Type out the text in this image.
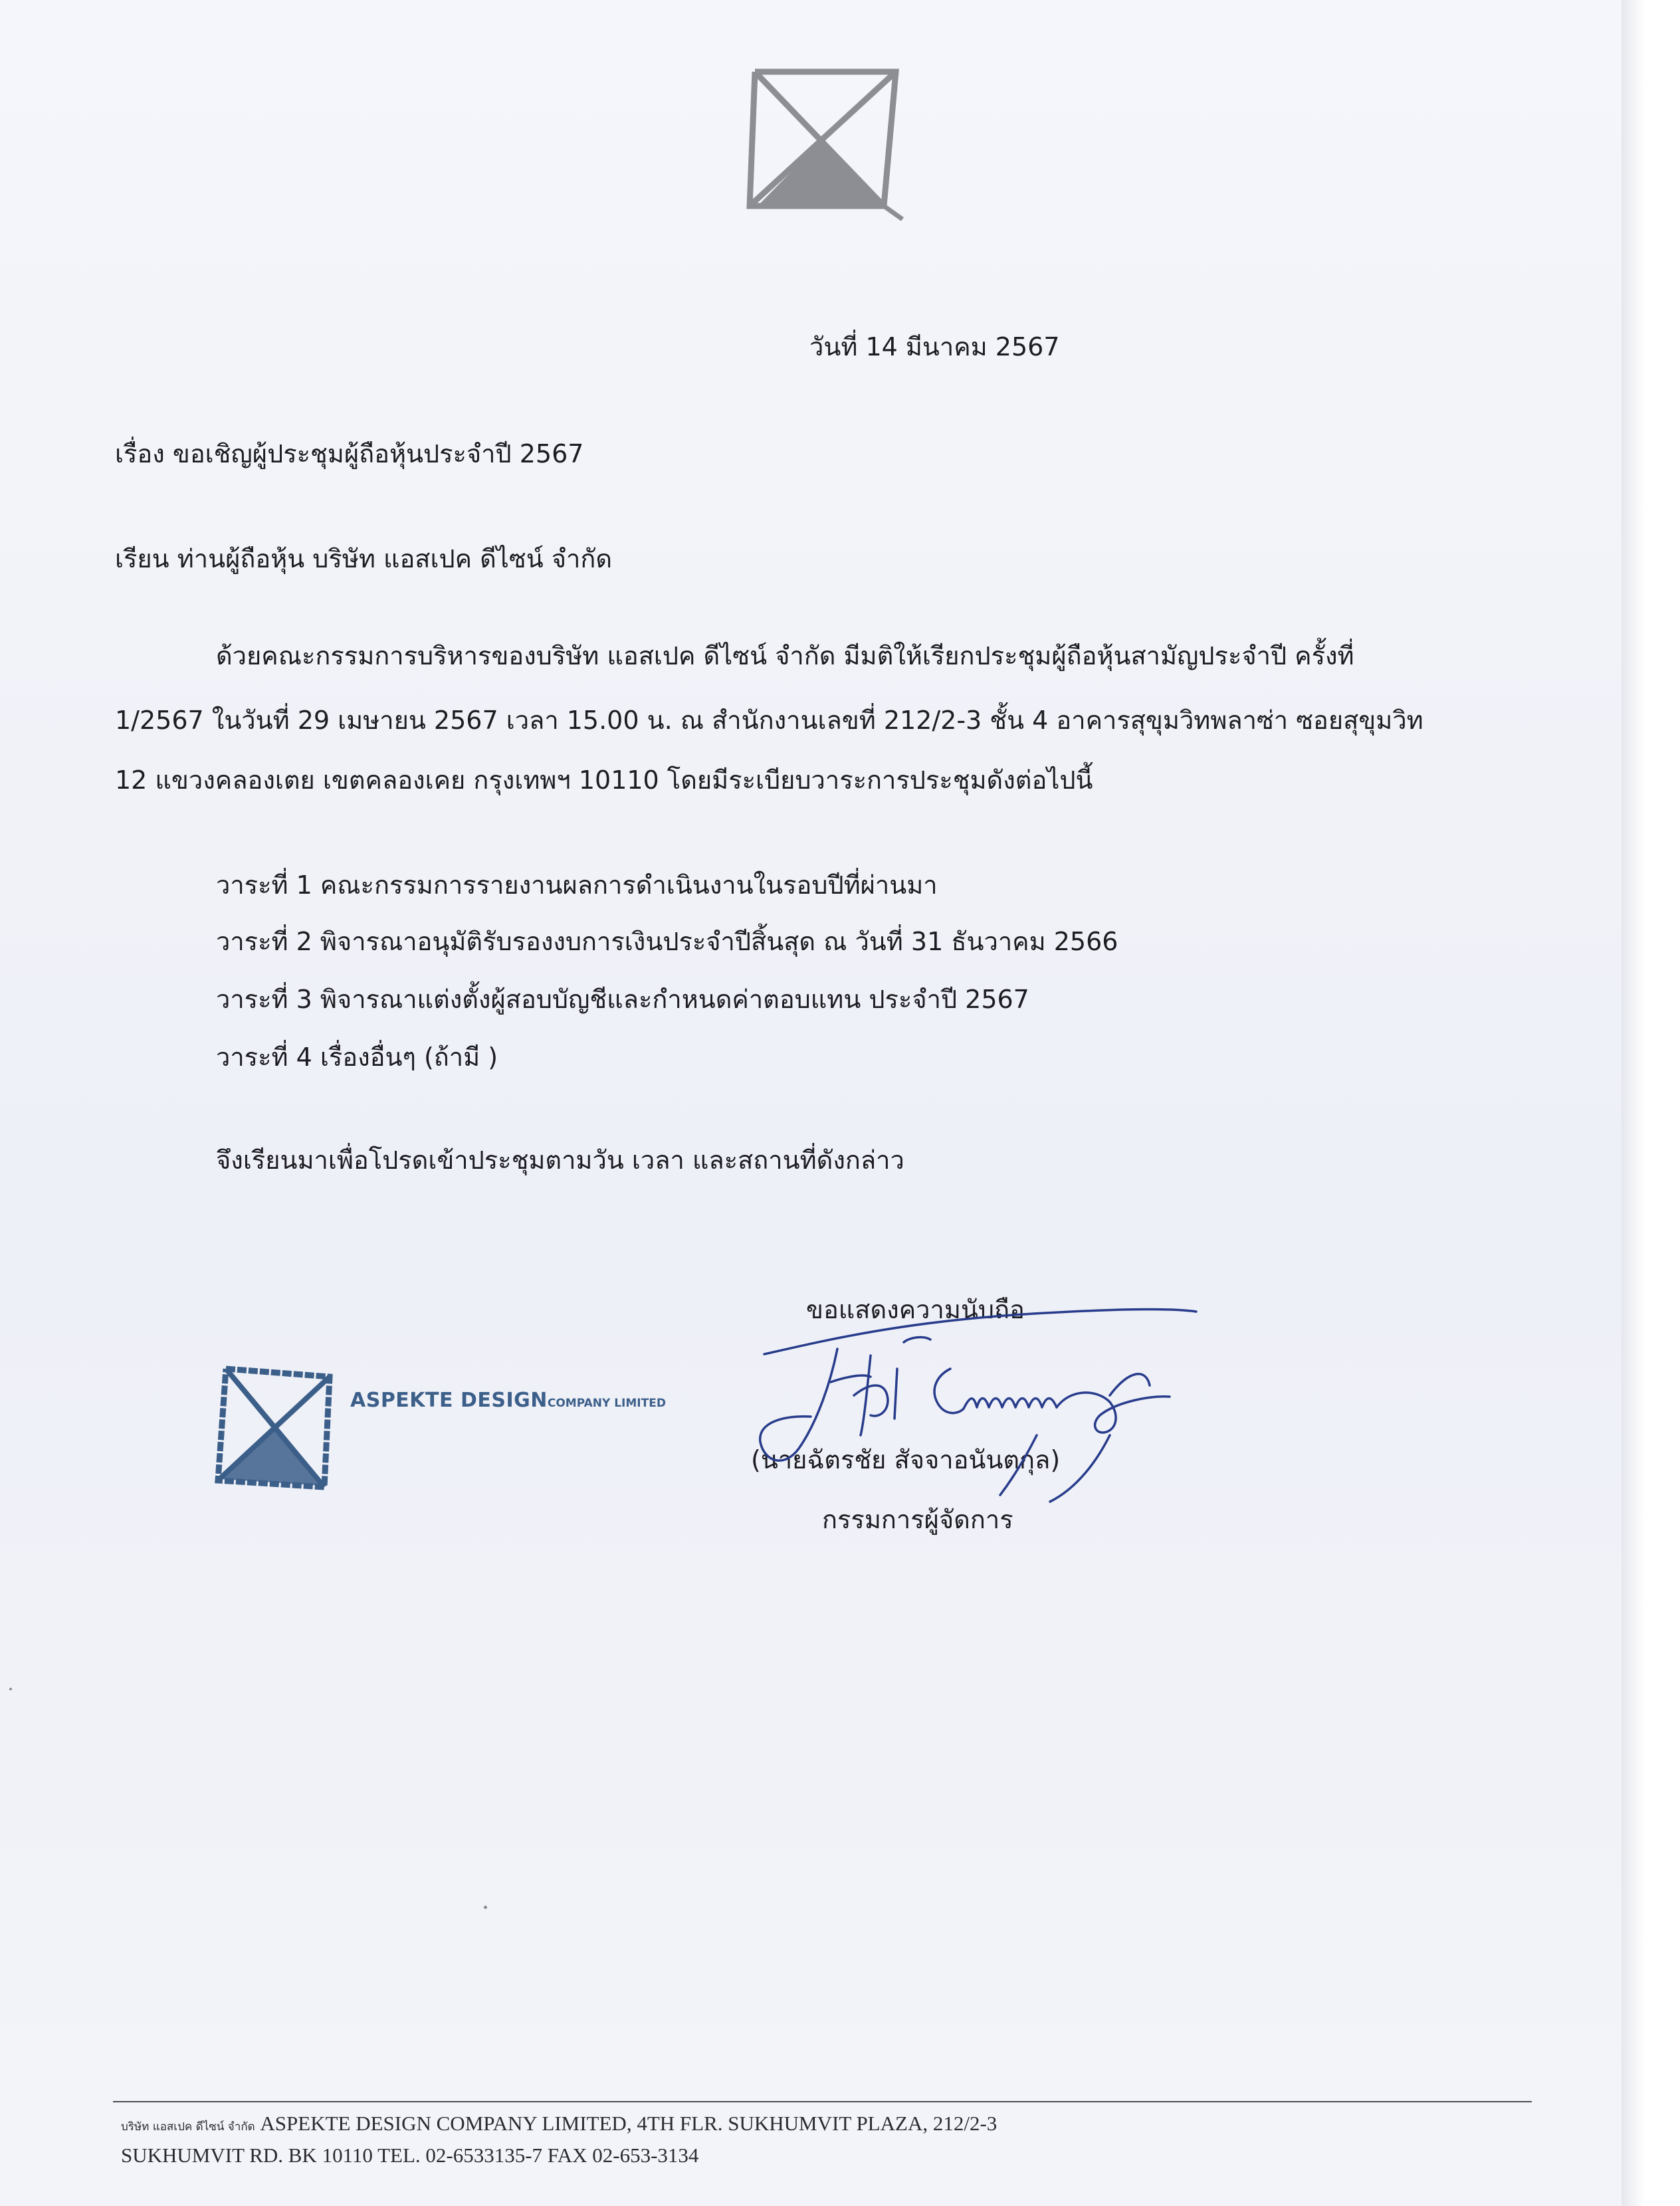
วันที่ 14 มีนาคม 2567
เรื่อง ขอเชิญผู้ประชุมผู้ถือหุ้นประจำปี 2567
เรียน ท่านผู้ถือหุ้น บริษัท แอสเปค ดีไซน์ จำกัด
ด้วยคณะกรรมการบริหารของบริษัท แอสเปค ดีไซน์ จำกัด มีมติให้เรียกประชุมผู้ถือหุ้นสามัญประจำปี ครั้งที่
1/2567 ในวันที่ 29 เมษายน 2567 เวลา 15.00 น. ณ สำนักงานเลขที่ 212/2-3 ชั้น 4 อาคารสุขุมวิทพลาซ่า ซอยสุขุมวิท
12 แขวงคลองเตย เขตคลองเคย กรุงเทพฯ 10110 โดยมีระเบียบวาระการประชุมดังต่อไปนี้
วาระที่ 1 คณะกรรมการรายงานผลการดำเนินงานในรอบปีที่ผ่านมา
วาระที่ 2 พิจารณาอนุมัติรับรองงบการเงินประจำปีสิ้นสุด ณ วันที่ 31 ธันวาคม 2566
วาระที่ 3 พิจารณาแต่งตั้งผู้สอบบัญชีและกำหนดค่าตอบแทน ประจำปี 2567
วาระที่ 4 เรื่องอื่นๆ (ถ้ามี )
จึงเรียนมาเพื่อโปรดเข้าประชุมตามวัน เวลา และสถานที่ดังกล่าว
ขอแสดงความนับถือ
(นายฉัตรชัย สัจจาอนันตกุล)
กรรมการผู้จัดการ
ASPEKTE DESIGNCOMPANY LIMITED
บริษัท แอสเปค ดีไซน์ จำกัด ASPEKTE DESIGN COMPANY LIMITED, 4TH FLR. SUKHUMVIT PLAZA, 212/2-3
SUKHUMVIT RD. BK 10110 TEL. 02-6533135-7 FAX 02-653-3134
